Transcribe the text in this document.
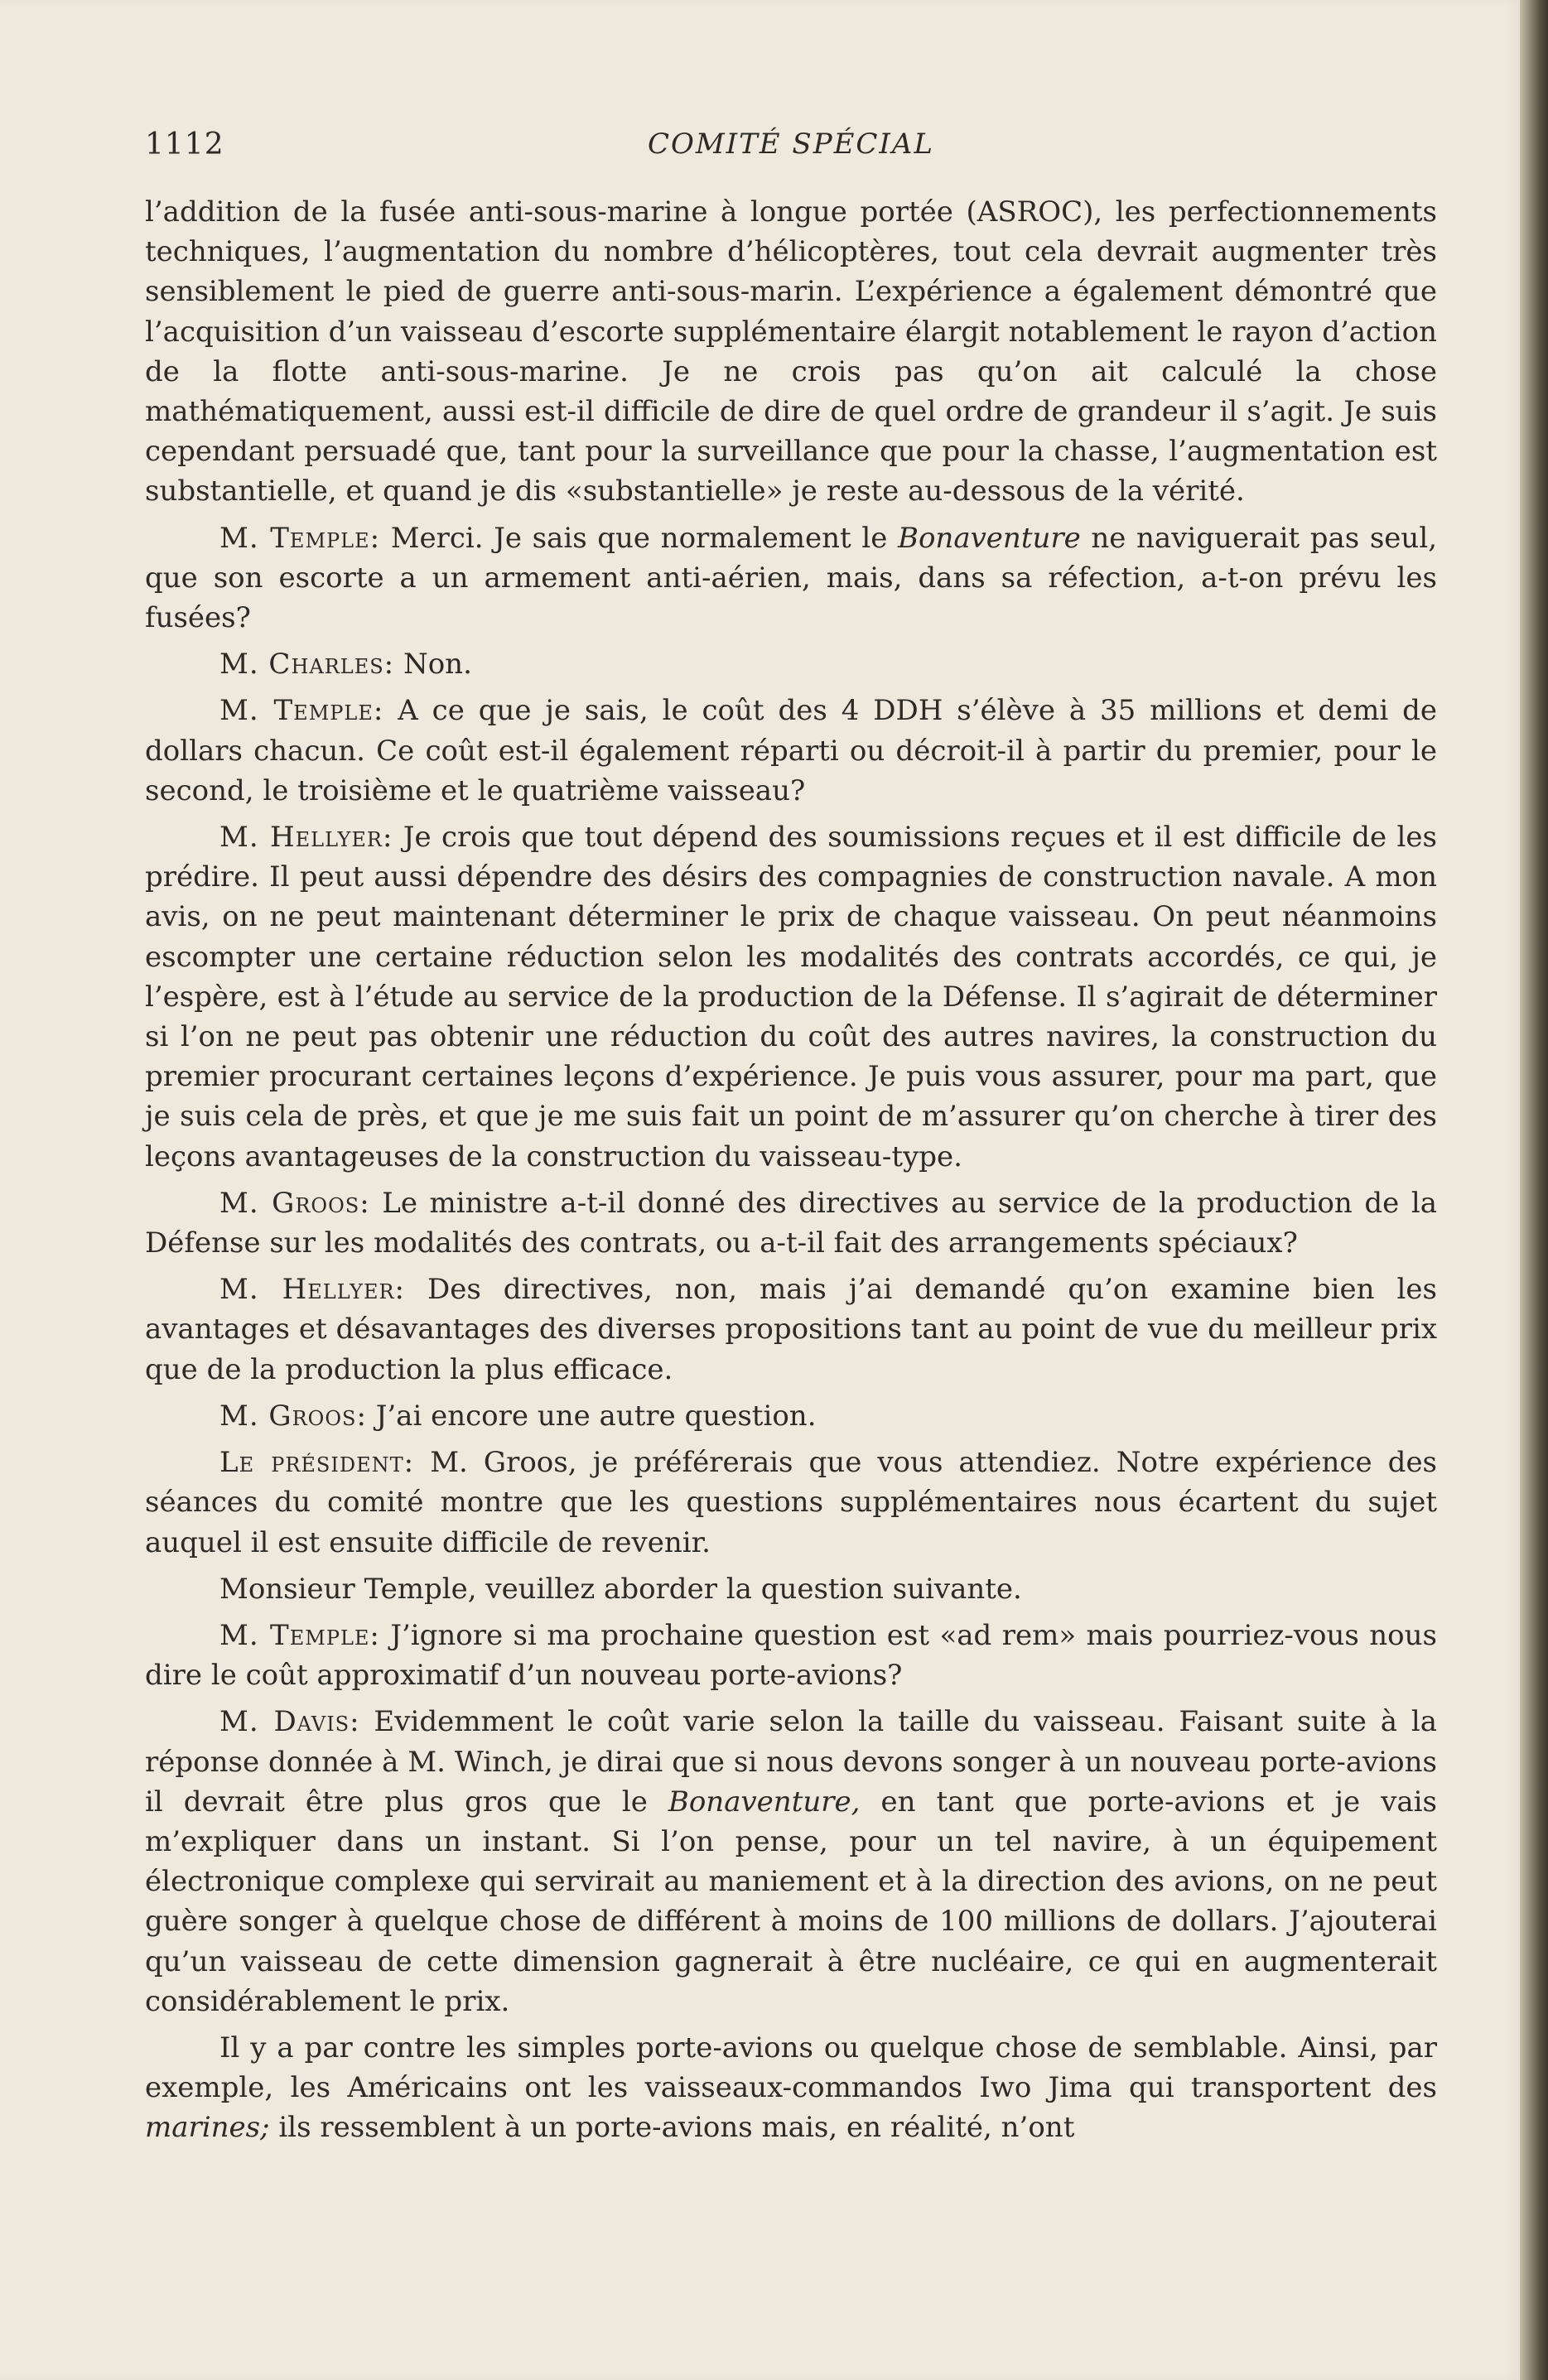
1112	COMITÉ SPÉCIAL

l’addition de la fusée anti-sous-marine à longue portée (ASROC), les perfectionnements techniques, l’augmentation du nombre d’hélicoptères, tout cela devrait augmenter très sensiblement le pied de guerre anti-sous-marin. L’expérience a également démontré que l’acquisition d’un vaisseau d’escorte supplémentaire élargit notablement le rayon d’action de la flotte anti-sous-marine. Je ne crois pas qu’on ait calculé la chose mathématiquement, aussi est-il difficile de dire de quel ordre de grandeur il s’agit. Je suis cependant persuadé que, tant pour la surveillance que pour la chasse, l’augmentation est substantielle, et quand je dis «substantielle» je reste au-dessous de la vérité.

M. Temple: Merci. Je sais que normalement le Bonaventure ne naviguerait pas seul, que son escorte a un armement anti-aérien, mais, dans sa réfection, a-t-on prévu les fusées?

M. Charles: Non.

M. Temple: A ce que je sais, le coût des 4 DDH s’élève à 35 millions et demi de dollars chacun. Ce coût est-il également réparti ou décroit-il à partir du premier, pour le second, le troisième et le quatrième vaisseau?

M. Hellyer: Je crois que tout dépend des soumissions reçues et il est difficile de les prédire. Il peut aussi dépendre des désirs des compagnies de construction navale. A mon avis, on ne peut maintenant déterminer le prix de chaque vaisseau. On peut néanmoins escompter une certaine réduction selon les modalités des contrats accordés, ce qui, je l’espère, est à l’étude au service de la production de la Défense. Il s’agirait de déterminer si l’on ne peut pas obtenir une réduction du coût des autres navires, la construction du premier procurant certaines leçons d’expérience. Je puis vous assurer, pour ma part, que je suis cela de près, et que je me suis fait un point de m’assurer qu’on cherche à tirer des leçons avantageuses de la construction du vaisseau-type.

M. Groos: Le ministre a-t-il donné des directives au service de la production de la Défense sur les modalités des contrats, ou a-t-il fait des arrangements spéciaux?

M. Hellyer: Des directives, non, mais j’ai demandé qu’on examine bien les avantages et désavantages des diverses propositions tant au point de vue du meilleur prix que de la production la plus efficace.

M. Groos: J’ai encore une autre question.

Le président: M. Groos, je préférerais que vous attendiez. Notre expérience des séances du comité montre que les questions supplémentaires nous écartent du sujet auquel il est ensuite difficile de revenir.

Monsieur Temple, veuillez aborder la question suivante.

M. Temple: J’ignore si ma prochaine question est «ad rem» mais pourriez-vous nous dire le coût approximatif d’un nouveau porte-avions?

M. Davis: Evidemment le coût varie selon la taille du vaisseau. Faisant suite à la réponse donnée à M. Winch, je dirai que si nous devons songer à un nouveau porte-avions il devrait être plus gros que le Bonaventure, en tant que porte-avions et je vais m’expliquer dans un instant. Si l’on pense, pour un tel navire, à un équipement électronique complexe qui servirait au maniement et à la direction des avions, on ne peut guère songer à quelque chose de différent à moins de 100 millions de dollars. J’ajouterai qu’un vaisseau de cette dimension gagnerait à être nucléaire, ce qui en augmenterait considérablement le prix.

Il y a par contre les simples porte-avions ou quelque chose de semblable. Ainsi, par exemple, les Américains ont les vaisseaux-commandos Iwo Jima qui transportent des marines; ils ressemblent à un porte-avions mais, en réalité, n’ont
